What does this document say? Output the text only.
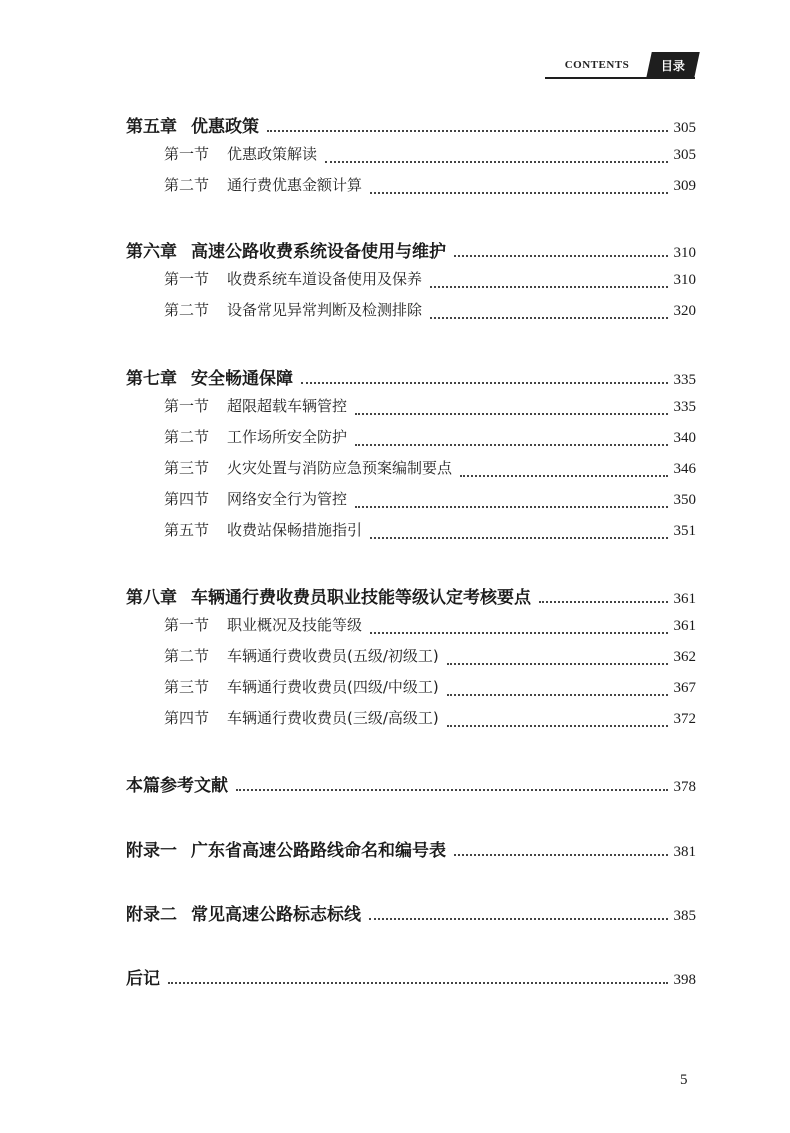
CONTENTS	目录
第五章 优惠政策	305
第一节 优惠政策解读	305
第二节 通行费优惠金额计算	309
第六章 高速公路收费系统设备使用与维护	310
第一节 收费系统车道设备使用及保养	310
第二节 设备常见异常判断及检测排除	320
第七章 安全畅通保障	335
第一节 超限超载车辆管控	335
第二节 工作场所安全防护	340
第三节 火灾处置与消防应急预案编制要点	346
第四节 网络安全行为管控	350
第五节 收费站保畅措施指引	351
第八章 车辆通行费收费员职业技能等级认定考核要点	361
第一节 职业概况及技能等级	361
第二节 车辆通行费收费员(五级/初级工)	362
第三节 车辆通行费收费员(四级/中级工)	367
第四节 车辆通行费收费员(三级/高级工)	372
本篇参考文献	378
附录一 广东省高速公路路线命名和编号表	381
附录二 常见高速公路标志标线	385
后记	398
5
